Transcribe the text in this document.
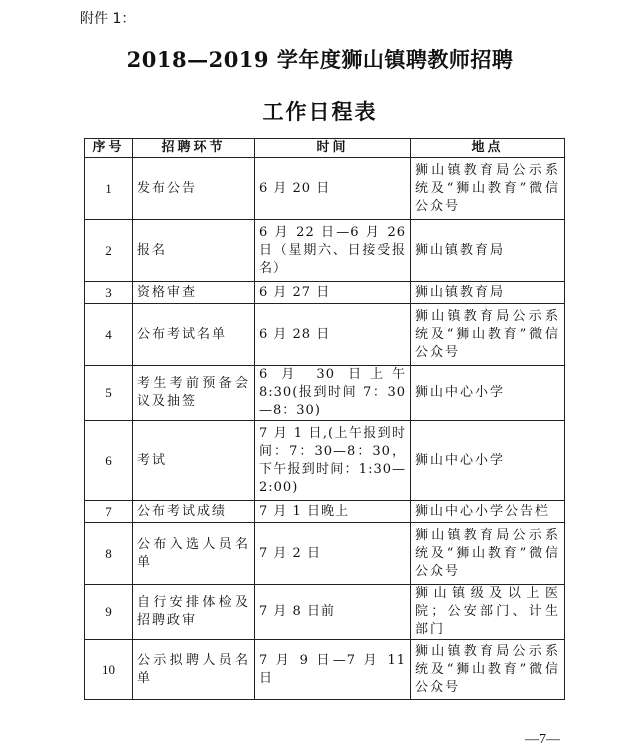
附件 1：
2018—2019 学年度狮山镇聘教师招聘
工作日程表
序号	招聘环节	时间	地点
1	发布公告	6 月 20 日	狮山镇教育局公示系统及“狮山教育”微信公众号
2	报名	6 月 22 日—6 月 26 日（星期六、日接受报名）	狮山镇教育局
3	资格审查	6 月 27 日	狮山镇教育局
4	公布考试名单	6 月 28 日	狮山镇教育局公示系统及“狮山教育”微信公众号
5	考生考前预备会议及抽签	6 月 30 日上午 8:30(报到时间 7：30—8：30)	狮山中心小学
6	考试	7 月 1 日,(上午报到时间：7：30—8：30，下午报到时间：1:30—2:00)	狮山中心小学
7	公布考试成绩	7 月 1 日晚上	狮山中心小学公告栏
8	公布入选人员名单	7 月 2 日	狮山镇教育局公示系统及“狮山教育”微信公众号
9	自行安排体检及招聘政审	7 月 8 日前	狮山镇级及以上医院；公安部门、计生部门
10	公示拟聘人员名单	7 月 9 日—7 月 11 日	狮山镇教育局公示系统及“狮山教育”微信公众号
—7—
